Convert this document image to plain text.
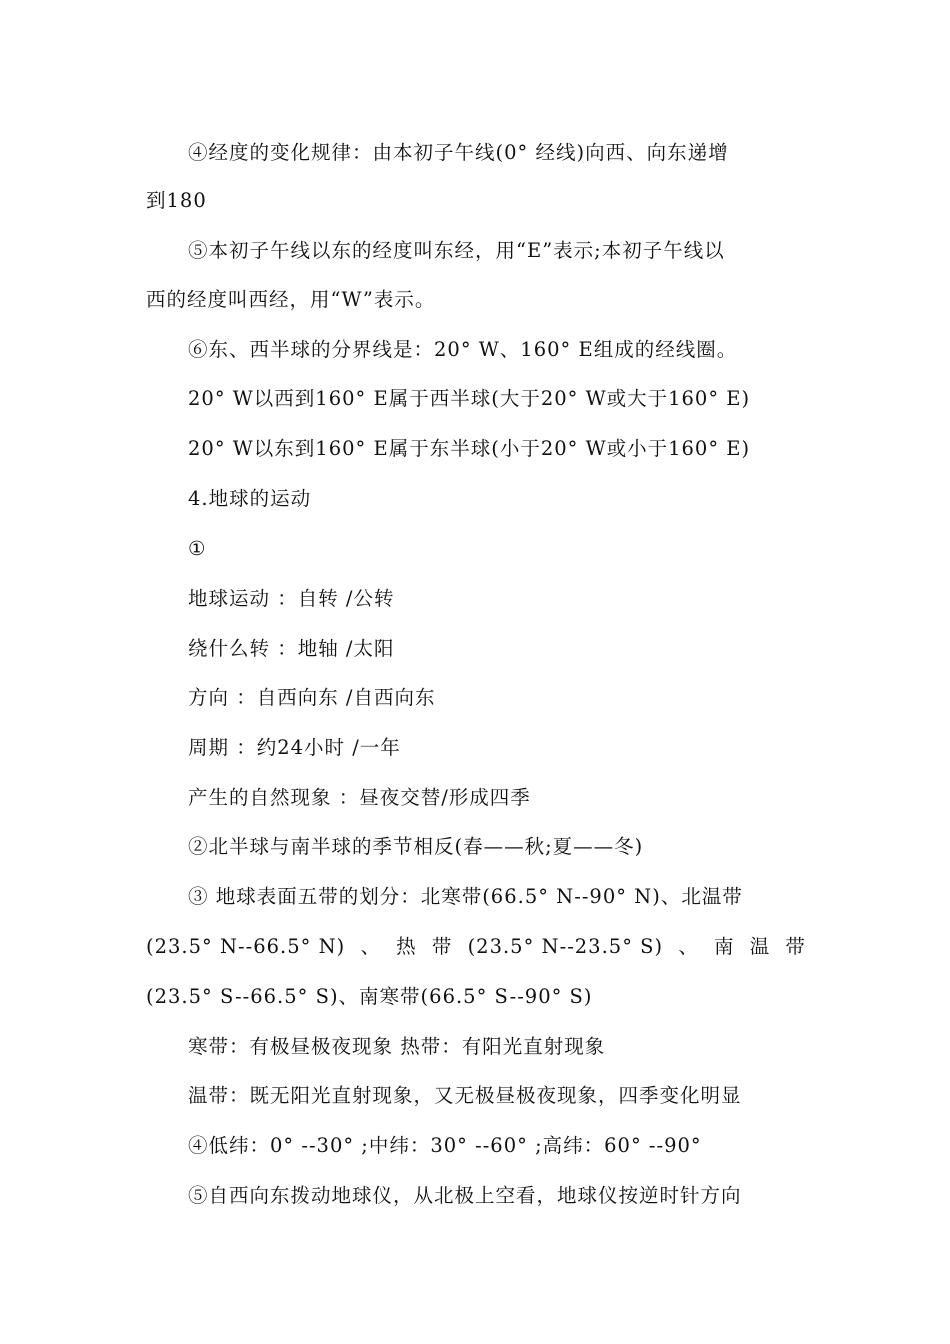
④经度的变化规律：由本初子午线(0° 经线)向西、向东递增
到180
⑤本初子午线以东的经度叫东经，用“E”表示;本初子午线以
西的经度叫西经，用“W”表示。
⑥东、西半球的分界线是：20° W、160° E组成的经线圈。
20° W以西到160° E属于西半球(大于20° W或大于160° E)
20° W以东到160° E属于东半球(小于20° W或小于160° E)
4.地球的运动
①
地球运动 ：自转 /公转
绕什么转 ：地轴 /太阳
方向 ：自西向东 /自西向东
周期 ：约24小时 /一年
产生的自然现象 ：昼夜交替/形成四季
②北半球与南半球的季节相反(春——秋;夏——冬)
③ 地球表面五带的划分：北寒带(66.5° N--90° N)、北温带
(23.5° N--66.5° N) 、 热 带 (23.5° N--23.5° S) 、 南 温 带
(23.5° S--66.5° S)、南寒带(66.5° S--90° S)
寒带：有极昼极夜现象 热带：有阳光直射现象
温带：既无阳光直射现象，又无极昼极夜现象，四季变化明显
④低纬：0° --30° ;中纬：30° --60° ;高纬：60° --90°
⑤自西向东拨动地球仪，从北极上空看，地球仪按逆时针方向
